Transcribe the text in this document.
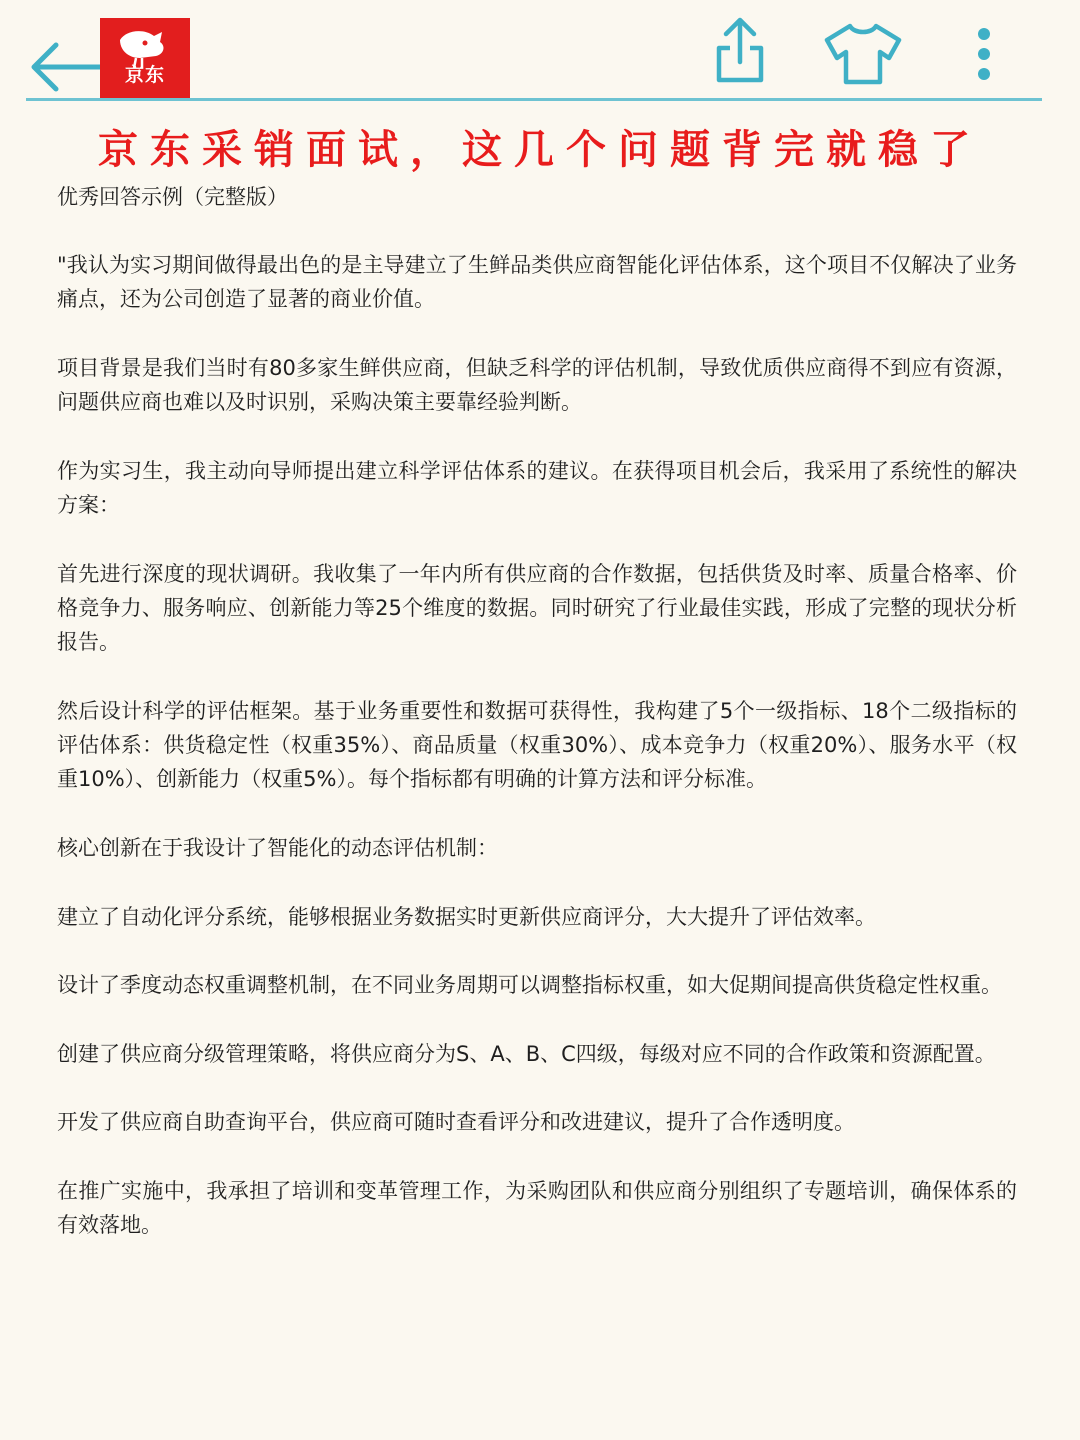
京东
京东采销面试，这几个问题背完就稳了

优秀回答示例（完整版）

"我认为实习期间做得最出色的是主导建立了生鲜品类供应商智能化评估体系，这个项目不仅解决了业务痛点，还为公司创造了显著的商业价值。

项目背景是我们当时有80多家生鲜供应商，但缺乏科学的评估机制，导致优质供应商得不到应有资源，问题供应商也难以及时识别，采购决策主要靠经验判断。

作为实习生，我主动向导师提出建立科学评估体系的建议。在获得项目机会后，我采用了系统性的解决方案：

首先进行深度的现状调研。我收集了一年内所有供应商的合作数据，包括供货及时率、质量合格率、价格竞争力、服务响应、创新能力等25个维度的数据。同时研究了行业最佳实践，形成了完整的现状分析报告。

然后设计科学的评估框架。基于业务重要性和数据可获得性，我构建了5个一级指标、18个二级指标的评估体系：供货稳定性（权重35%）、商品质量（权重30%）、成本竞争力（权重20%）、服务水平（权重10%）、创新能力（权重5%）。每个指标都有明确的计算方法和评分标准。

核心创新在于我设计了智能化的动态评估机制：

建立了自动化评分系统，能够根据业务数据实时更新供应商评分，大大提升了评估效率。

设计了季度动态权重调整机制，在不同业务周期可以调整指标权重，如大促期间提高供货稳定性权重。

创建了供应商分级管理策略，将供应商分为S、A、B、C四级，每级对应不同的合作政策和资源配置。

开发了供应商自助查询平台，供应商可随时查看评分和改进建议，提升了合作透明度。

在推广实施中，我承担了培训和变革管理工作，为采购团队和供应商分别组织了专题培训，确保体系的有效落地。
